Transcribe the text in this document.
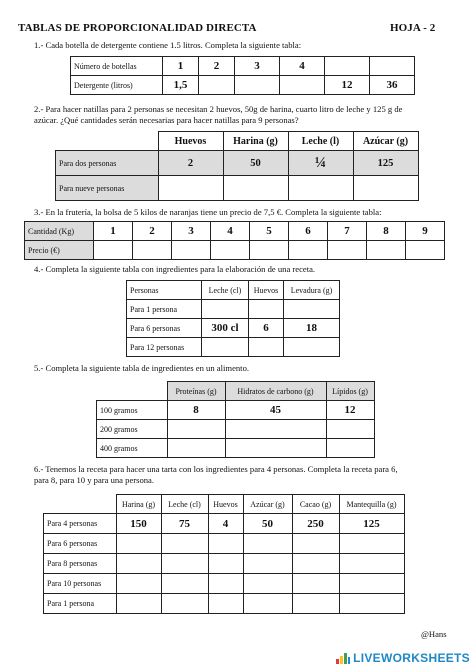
TABLAS DE PROPORCIONALIDAD DIRECTA	HOJA - 2
1.- Cada botella de detergente contiene 1.5 litros. Completa la siguiente tabla:
Número de botellas	1	2	3	4		
Detergente (litros)	1,5				12	36
2.- Para hacer natillas para 2 personas se necesitan 2 huevos, 50g de harina, cuarto litro de leche y 125 g de
azúcar. ¿Qué cantidades serán necesarias para hacer natillas para 9 personas?
	Huevos	Harina (g)	Leche (l)	Azúcar (g)
Para dos personas	2	50	¼	125
Para nueve personas				
3.- En la frutería, la bolsa de 5 kilos de naranjas tiene un precio de 7,5 €. Completa la siguiente tabla:
Cantidad (Kg)	1	2	3	4	5	6	7	8	9
Precio (€)									
4.- Completa la siguiente tabla con ingredientes para la elaboración de una receta.
Personas	Leche (cl)	Huevos	Levadura (g)
Para 1 persona			
Para 6 personas	300 cl	6	18
Para 12 personas			
5.- Completa la siguiente tabla de ingredientes en un alimento.
	Proteínas (g)	Hidratos de carbono (g)	Lípidos (g)
100 gramos	8	45	12
200 gramos			
400 gramos			
6.- Tenemos la receta para hacer una tarta con los ingredientes para 4 personas. Completa la receta para 6,
para 8, para 10 y para una persona.
	Harina (g)	Leche (cl)	Huevos	Azúcar (g)	Cacao (g)	Mantequilla (g)
Para 4 personas	150	75	4	50	250	125
Para 6 personas						
Para 8 personas						
Para 10 personas						
Para 1 persona						
@Hans
LIVEWORKSHEETS
